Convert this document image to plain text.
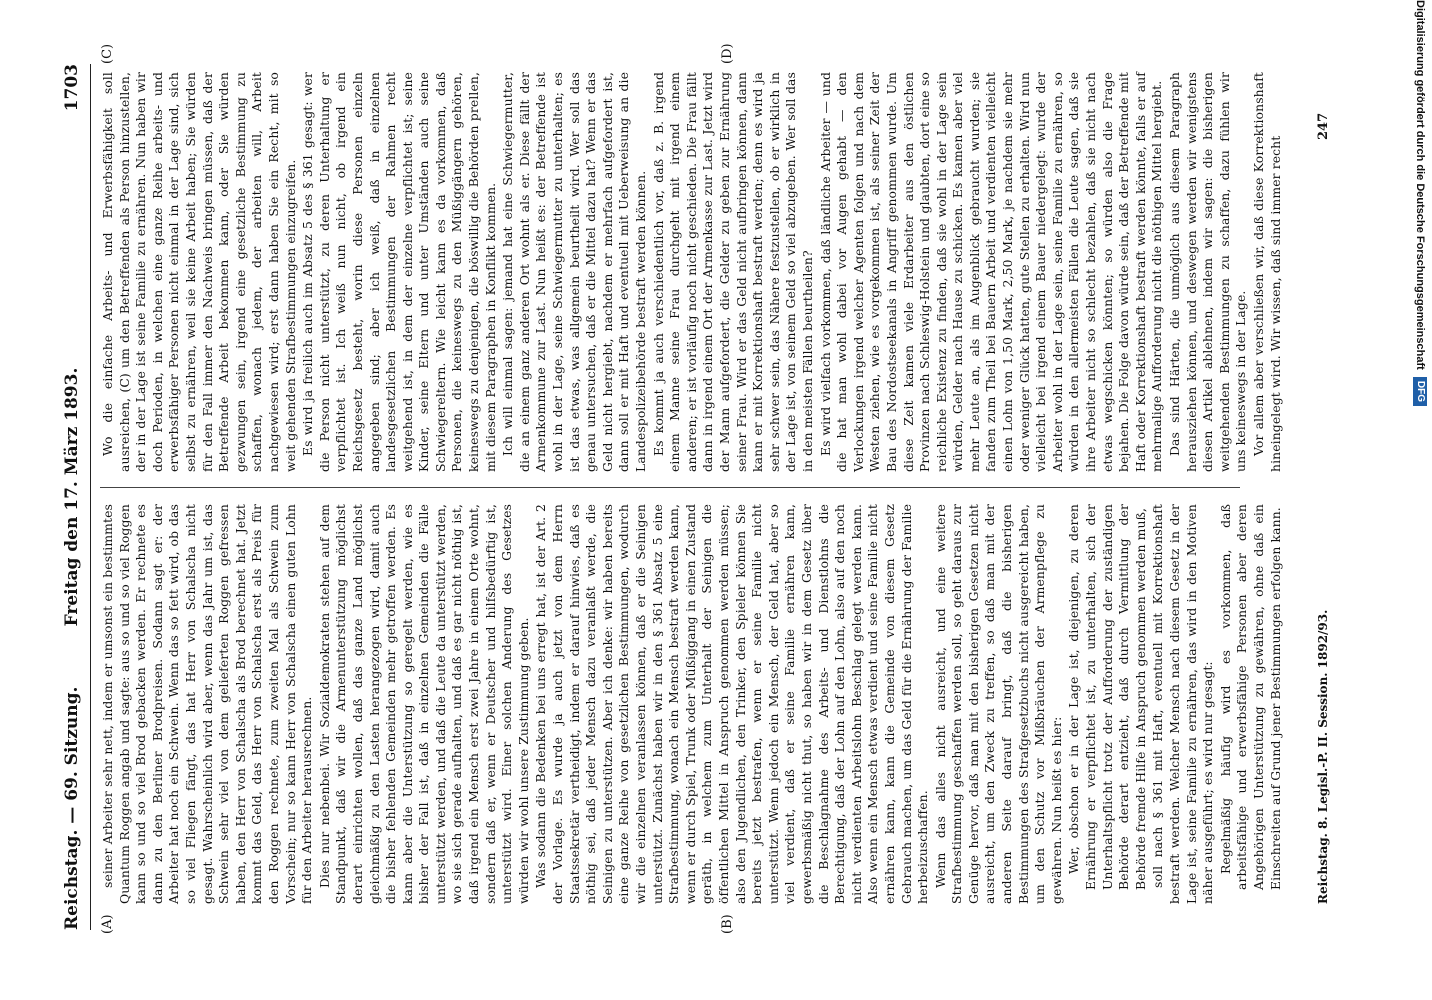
Reichstag. — 69. Sitzung.
Freitag den 17. März 1893.
1703
(A)	(B)
(C)	(D)

seiner Arbeiter sehr nett, indem er umsonst ein bestimmtes Quantum Roggen angab und sagte: aus so und so viel Roggen kann so und so viel Brod gebacken werden. Er rechnete es dann zu den Berliner Brodpreisen. Sodann sagt er: der Arbeiter hat noch ein Schwein. Wenn das so fett wird, ob das so viel Fliegen fängt, das hat Herr von Schalscha nicht gesagt. Wahrscheinlich wird aber, wenn das Jahr um ist, das Schwein sehr viel von dem gelieferten Roggen gefressen haben, den Herr von Schalscha als Brod berechnet hat. Jetzt kommt das Geld, das Herr von Schalscha erst als Preis für den Roggen rechnete, zum zweiten Mal als Schwein zum Vorschein; nur so kann Herr von Schalscha einen guten Lohn für den Arbeiter herausrechnen. Dies nur nebenbei. Wir Sozialdemokraten stehen auf dem Standpunkt, daß wir die Armenunterstützung möglichst derart einrichten wollen, daß das ganze Land möglichst gleichmäßig zu den Lasten herangezogen wird, damit auch die bisher fehlenden Gemeinden mehr getroffen werden. Es kann aber die Unterstützung so geregelt werden, wie es bisher der Fall ist, daß in einzelnen Gemeinden die Fälle unterstützt werden, und daß die Leute da unterstützt werden, wo sie sich gerade aufhalten, und daß es gar nicht nöthig ist, daß irgend ein Mensch erst zwei Jahre in einem Orte wohnt, sondern daß er, wenn er Deutscher und hilfsbedürftig ist, unterstützt wird. Einer solchen Anderung des Gesetzes würden wir wohl unsere Zustimmung geben. Was sodann die Bedenken bei uns erregt hat, ist der Art. 2 der Vorlage. Es wurde ja auch jetzt von dem Herrn Staatssekretär vertheidigt, indem er darauf hinwies, daß es nöthig sei, daß jeder Mensch dazu veranlaßt werde, die Seinigen zu unterstützen. Aber ich denke: wir haben bereits eine ganze Reihe von gesetzlichen Bestimmungen, wodurch wir die einzelnen veranlassen können, daß er die Seinigen unterstützt. Zunächst haben wir in den § 361 Absatz 5 eine Strafbestimmung, wonach ein Mensch bestraft werden kann, wenn er durch Spiel, Trunk oder Müßiggang in einen Zustand geräth, in welchem zum Unterhalt der Seinigen die öffentlichen Mittel in Anspruch genommen werden müssen; also den Jugendlichen, den Trinker, den Spieler können Sie bereits jetzt bestrafen, wenn er seine Familie nicht unterstützt. Wenn jedoch ein Mensch, der Geld hat, aber so viel verdient, daß er seine Familie ernähren kann, gewerbsmäßig nicht thut, so haben wir in dem Gesetz über die Beschlagnahme des Arbeits- und Dienstlohns die Berechtigung, daß der Lohn auf den Lohn, also auf den noch nicht verdienten Arbeitslohn Beschlag gelegt werden kann. Also wenn ein Mensch etwas verdient und seine Familie nicht ernähren kann, kann die Gemeinde von diesem Gesetz Gebrauch machen, um das Geld für die Ernährung der Familie herbeizuschaffen. Wenn das alles nicht ausreicht, und eine weitere Strafbestimmung geschaffen werden soll, so geht daraus zur Genüge hervor, daß man mit den bisherigen Gesetzen nicht ausreicht, um den Zweck zu treffen, so daß man mit der anderen Seite darauf bringt, daß die bisherigen Bestimmungen des Strafgesetzbuchs nicht ausgereicht haben, um den Schutz vor Mißbräuchen der Armenpflege zu gewähren. Nun heißt es hier: Wer, obschon er in der Lage ist, diejenigen, zu deren Ernährung er verpflichtet ist, zu unterhalten, sich der Unterhaltspflicht trotz der Aufforderung der zuständigen Behörde derart entzieht, daß durch Vermittlung der Behörde fremde Hilfe in Anspruch genommen werden muß, soll nach § 361 mit Haft, eventuell mit Korrektionshaft bestraft werden. Welcher Mensch nach diesem Gesetz in der Lage ist, seine Familie zu ernähren, das wird in den Motiven näher ausgeführt; es wird nur gesagt: Regelmäßig häufig wird es vorkommen, daß arbeitsfähige und erwerbsfähige Personen aber deren Angehörigen Unterstützung zu gewähren, ohne daß ein Einschreiten auf Grund jener Bestimmungen erfolgen kann.

Wo die einfache Arbeits- und Erwerbsfähigkeit soll ausreichen, (C) um den Betreffenden als Person hinzustellen, der in der Lage ist seine Familie zu ernähren. Nun haben wir doch Perioden, in welchen eine ganze Reihe arbeits- und erwerbsfähiger Personen nicht einmal in der Lage sind, sich selbst zu ernähren, weil sie keine Arbeit haben; Sie würden für den Fall immer den Nachweis bringen müssen, daß der Betreffende Arbeit bekommen kann, oder Sie würden gezwungen sein, irgend eine gesetzliche Bestimmung zu schaffen, wonach jedem, der arbeiten will, Arbeit nachgewiesen wird; erst dann haben Sie ein Recht, mit so weit gehenden Strafbestimmungen einzugreifen. Es wird ja freilich auch im Absatz 5 des § 361 gesagt: wer die Person nicht unterstützt, zu deren Unterhaltung er verpflichtet ist. Ich weiß nun nicht, ob irgend ein Reichsgesetz besteht, worin diese Personen einzeln angegeben sind; aber ich weiß, daß in einzelnen landesgesetzlichen Bestimmungen der Rahmen recht weitgehend ist, in dem der einzelne verpflichtet ist; seine Kinder, seine Eltern und unter Umständen auch seine Schwiegereltern. Wie leicht kann es da vorkommen, daß Personen, die keineswegs zu den Müßiggängern gehören, keineswegs zu denjenigen, die böswillig die Behörden prellen, mit diesem Paragraphen in Konflikt kommen. Ich will einmal sagen: jemand hat eine Schwiegermutter, die an einem ganz anderen Ort wohnt als er. Diese fällt der Armenkommune zur Last. Nun heißt es: der Betreffende ist wohl in der Lage, seine Schwiegermutter zu unterhalten; es ist das etwas, was allgemein beurtheilt wird. Wer soll das genau untersuchen, daß er die Mittel dazu hat? Wenn er das Geld nicht hergiebt, nachdem er mehrfach aufgefordert ist, dann soll er mit Haft und eventuell mit Ueberweisung an die Landespolizeibehörde bestraft werden können. Es kommt ja auch verschiedentlich vor, daß z. B. irgend einem Manne seine Frau durchgeht mit irgend einem anderen; er ist vorläufig noch nicht geschieden. Die Frau fällt dann in irgend einem Ort der Armenkasse zur Last. Jetzt wird der Mann aufgefordert, die Gelder zu geben zur Ernährung seiner Frau. Wird er das Geld nicht aufbringen können, dann kann er mit Korrektionshaft bestraft werden; denn es wird ja sehr schwer sein, das Nähere festzustellen, ob er wirklich in der Lage ist, von seinem Geld so viel abzugeben. Wer soll das in den meisten Fällen beurtheilen? Es wird vielfach vorkommen, daß ländliche Arbeiter — und die hat man wohl dabei vor Augen gehabt — den Verlockungen irgend welcher Agenten folgen und nach dem Westen ziehen, wie es vorgekommen ist, als seiner Zeit der Bau des Nordostseekanals in Angriff genommen wurde. Um diese Zeit kamen viele Erdarbeiter aus den östlichen Provinzen nach Schleswig-Holstein und glaubten, dort eine so reichliche Existenz zu finden, daß sie wohl in der Lage sein würden, Gelder nach Hause zu schicken. Es kamen aber viel mehr Leute an, als im Augenblick gebraucht wurden; sie fanden zum Theil bei Bauern Arbeit und verdienten vielleicht einen Lohn von 1,50 Mark, 2,50 Mark, je nachdem sie mehr oder weniger Glück hatten, gute Stellen zu erhalten. Wird nun vielleicht bei irgend einem Bauer niedergelegt: wurde der Arbeiter wohl in der Lage sein, seine Familie zu ernähren, so würden in den allermeisten Fällen die Leute sagen, daß sie ihre Arbeiter nicht so schlecht bezahlen, daß sie nicht nach etwas wegschicken könnten; so würden also die Frage bejahen. Die Folge davon würde sein, daß der Betreffende mit Haft oder Korrektionshaft bestraft werden könnte, falls er auf mehrmalige Aufforderung nicht die nöthigen Mittel hergiebt. Das sind Härten, die unmöglich aus diesem Paragraph herausziehen können, und deswegen werden wir wenigstens diesen Artikel ablehnen, indem wir sagen: die bisherigen weitgehenden Bestimmungen zu schaffen, dazu fühlen wir uns keineswegs in der Lage. Vor allem aber verschließen wir, daß diese Korrektionshaft hineingelegt wird. Wir wissen, daß sind immer recht

Reichstag. 8. Legisl.-P. II. Session. 1892/93.
247	Digitalisierung gefördert durch die Deutsche Forschungsgemeinschaft DFG
